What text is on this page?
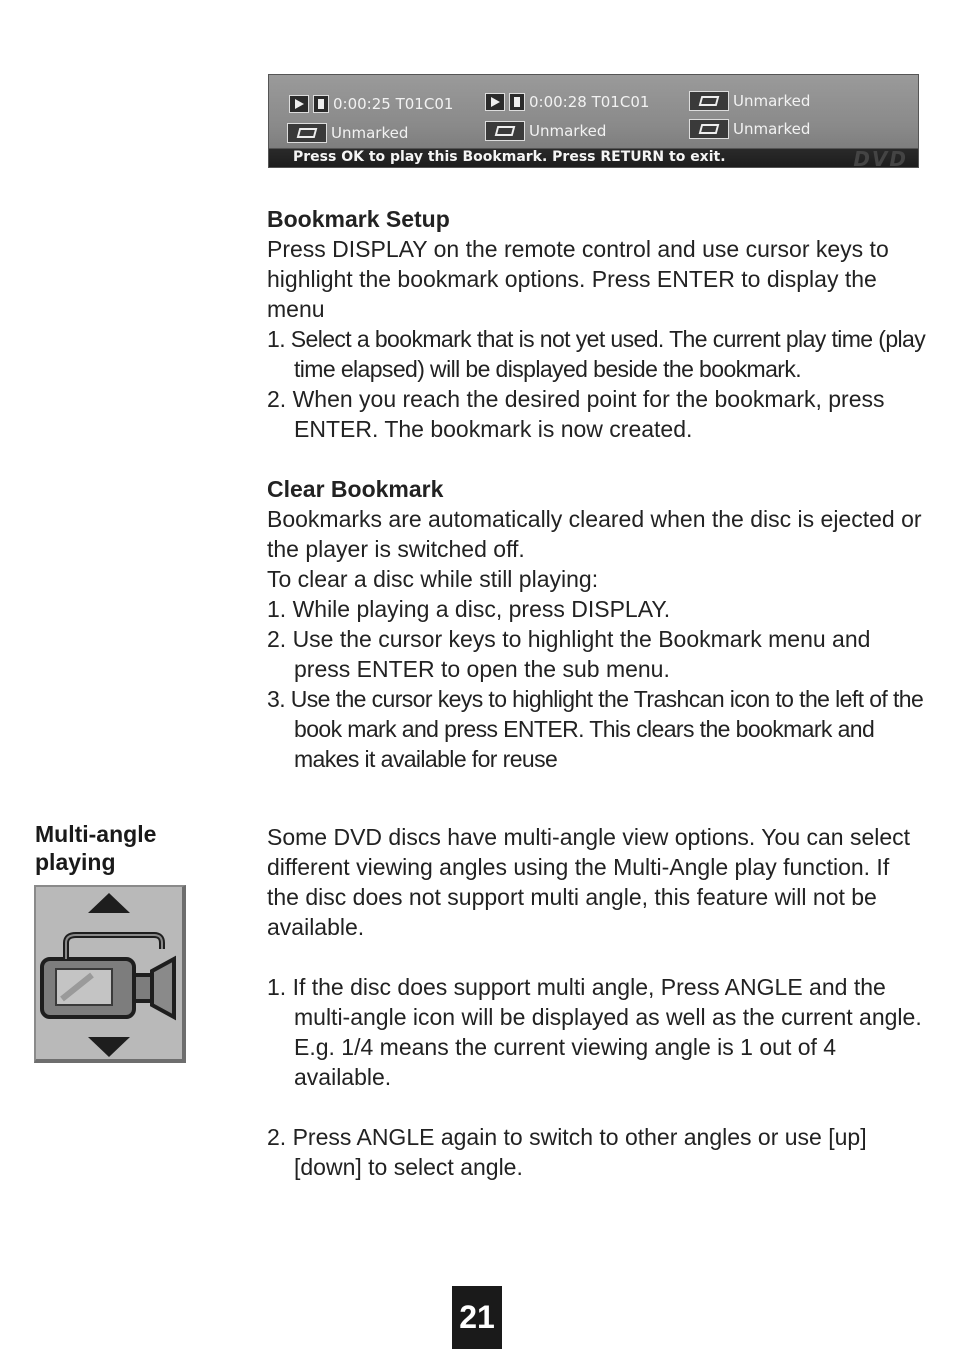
0:00:25 T01C01	0:00:28 T01C01	Unmarked
Unmarked	Unmarked	Unmarked
Press OK to play this Bookmark. Press RETURN to exit.	DVD

Bookmark Setup

Press DISPLAY on the remote control and use cursor keys to highlight the bookmark options. Press ENTER to display the menu

1. Select a bookmark that is not yet used. The current play time (play time elapsed) will be displayed beside the bookmark.

2. When you reach the desired point for the bookmark, press ENTER. The bookmark is now created.

Clear Bookmark

Bookmarks are automatically cleared when the disc is ejected or the player is switched off.

To clear a disc while still playing:

1. While playing a disc, press DISPLAY.

2. Use the cursor keys to highlight the Bookmark menu and press ENTER to open the sub menu.

3. Use the cursor keys to highlight the Trashcan icon to the left of the book mark and press ENTER. This clears the bookmark and makes it available for reuse

Multi-angle
playing

Some DVD discs have multi-angle view options. You can select different viewing angles using the Multi-Angle play function. If the disc does not support multi angle, this feature will not be available.

1. If the disc does support multi angle, Press ANGLE and the multi-angle icon will be displayed as well as the current angle. E.g. 1/4 means the current viewing angle is 1 out of 4 available.

2. Press ANGLE again to switch to other angles or use [up] [down] to select angle.

21
